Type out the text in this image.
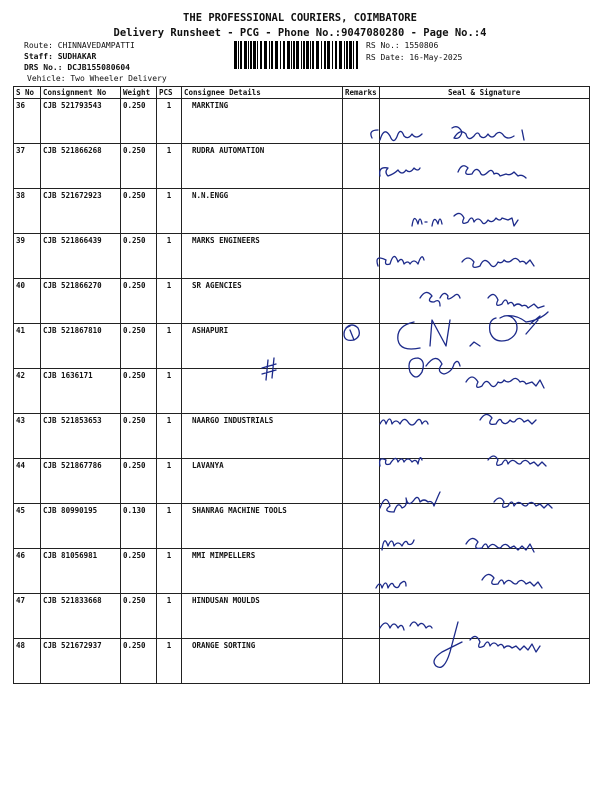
THE PROFESSIONAL COURIERS, COIMBATORE
Delivery Runsheet - PCG - Phone No.:9047080280 - Page No.:4
Route: CHINNAVEDAMPATTI
Staff: SUDHAKAR
DRS No.: DCJB155080604
Vehicle: Two Wheeler Delivery
RS No.: 1550806
RS Date: 16-May-2025
S No	Consignment No	Weight	PCS	Consignee Details	Remarks	Seal & Signature
36	CJB 521793543	0.250	1	MARKTING		
37	CJB 521866268	0.250	1	RUDRA AUTOMATION		
38	CJB 521672923	0.250	1	N.N.ENGG		
39	CJB 521866439	0.250	1	MARKS ENGINEERS		
40	CJB 521866270	0.250	1	SR AGENCIES		
41	CJB 521867810	0.250	1	ASHAPURI		
42	CJB 1636171	0.250	1			
43	CJB 521853653	0.250	1	NAARGO INDUSTRIALS		
44	CJB 521867786	0.250	1	LAVANYA		
45	CJB 80990195	0.130	1	SHANRAG MACHINE TOOLS		
46	CJB 81056981	0.250	1	MMI MIMPELLERS		
47	CJB 521833668	0.250	1	HINDUSAN MOULDS		
48	CJB 521672937	0.250	1	ORANGE SORTING		
